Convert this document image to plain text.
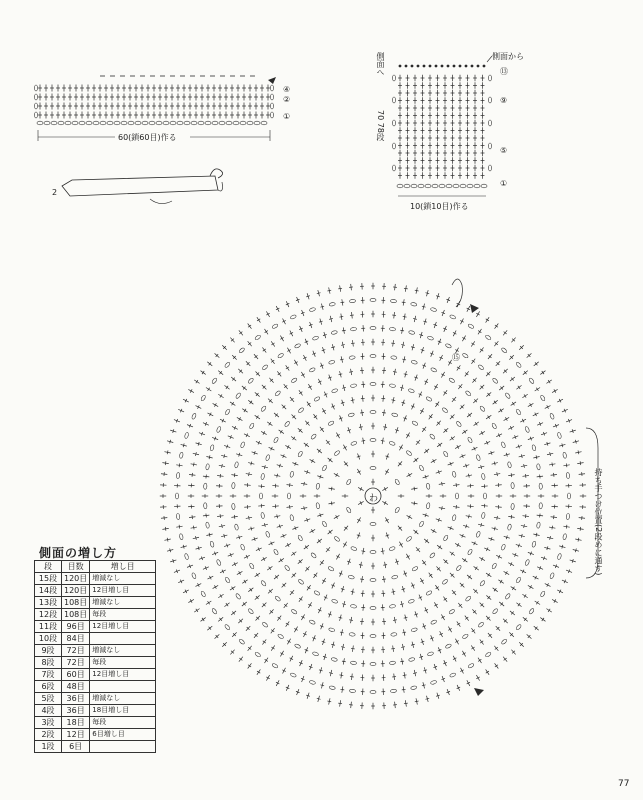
④
②
①
60(鎖60目)作る
2
側面へ	側面から
70 78段
⑬
⑨
⑤
①
10(鎖10目)作る
わ	持ち手つけ位置(2段めに通す)
⑮
側面の増し方
段	目数	増し目
15段	120目	増減なし
14段	120目	12目増し目
13段	108目	増減なし
12段	108目	毎段
11段	96目	12目増し目
10段	84目	
9段	72目	増減なし
8段	72目	毎段
7段	60目	12目増し目
6段	48目	
5段	36目	増減なし
4段	36目	18目増し目
3段	18目	毎段
2段	12目	6目増し目
1段	6目	
77
